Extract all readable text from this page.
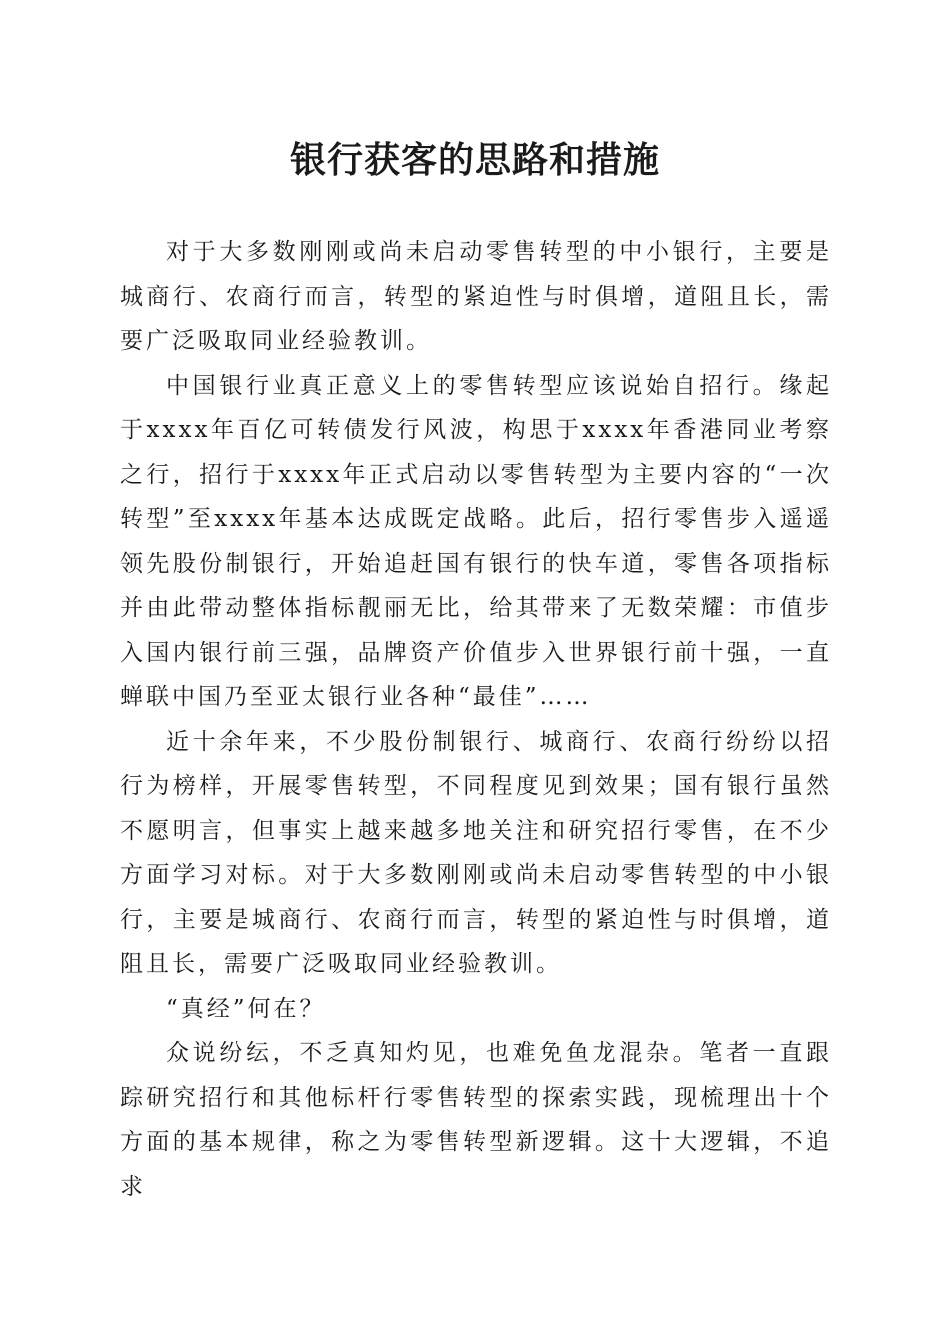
银行获客的思路和措施

对于大多数刚刚或尚未启动零售转型的中小银行，主要是城商行、农商行而言，转型的紧迫性与时俱增，道阻且长，需要广泛吸取同业经验教训。

中国银行业真正意义上的零售转型应该说始自招行。缘起于xxxx年百亿可转债发行风波，构思于xxxx年香港同业考察之行，招行于xxxx年正式启动以零售转型为主要内容的“一次转型”至xxxx年基本达成既定战略。此后，招行零售步入遥遥领先股份制银行，开始追赶国有银行的快车道，零售各项指标并由此带动整体指标靓丽无比，给其带来了无数荣耀：市值步入国内银行前三强，品牌资产价值步入世界银行前十强，一直蝉联中国乃至亚太银行业各种“最佳”……

近十余年来，不少股份制银行、城商行、农商行纷纷以招行为榜样，开展零售转型，不同程度见到效果；国有银行虽然不愿明言，但事实上越来越多地关注和研究招行零售，在不少方面学习对标。对于大多数刚刚或尚未启动零售转型的中小银行，主要是城商行、农商行而言，转型的紧迫性与时俱增，道阻且长，需要广泛吸取同业经验教训。

“真经”何在？

众说纷纭，不乏真知灼见，也难免鱼龙混杂。笔者一直跟踪研究招行和其他标杆行零售转型的探索实践，现梳理出十个方面的基本规律，称之为零售转型新逻辑。这十大逻辑，不追求
